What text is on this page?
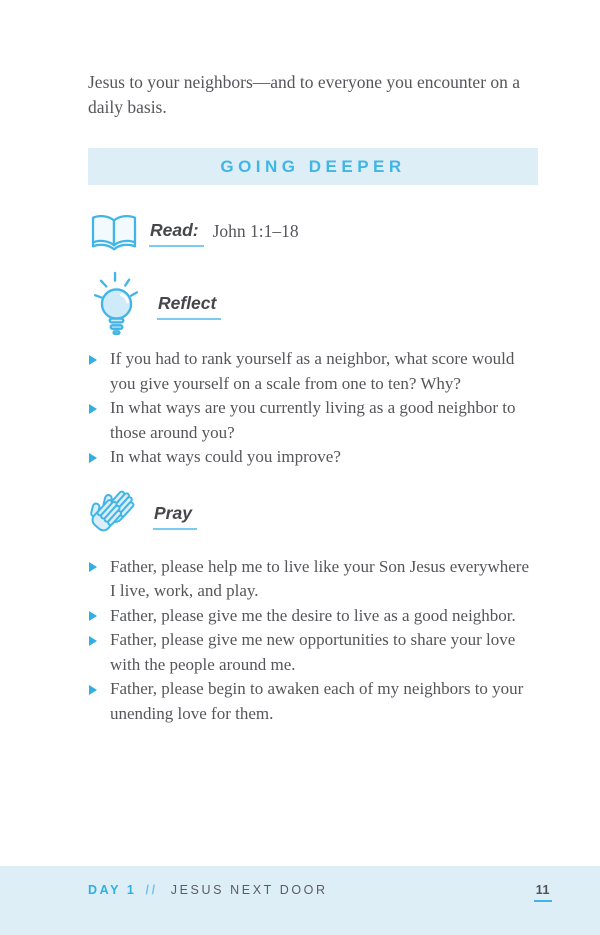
Jesus to your neighbors—and to everyone you encounter on a daily basis.

GOING DEEPER
Read: John 1:1–18
Reflect
If you had to rank yourself as a neighbor, what score would you give yourself on a scale from one to ten? Why?
In what ways are you currently living as a good neighbor to those around you?
In what ways could you improve?
Pray
Father, please help me to live like your Son Jesus everywhere I live, work, and play.
Father, please give me the desire to live as a good neighbor.
Father, please give me new opportunities to share your love with the people around me.
Father, please begin to awaken each of my neighbors to your unending love for them.
DAY 1 // JESUS NEXT DOOR	11
